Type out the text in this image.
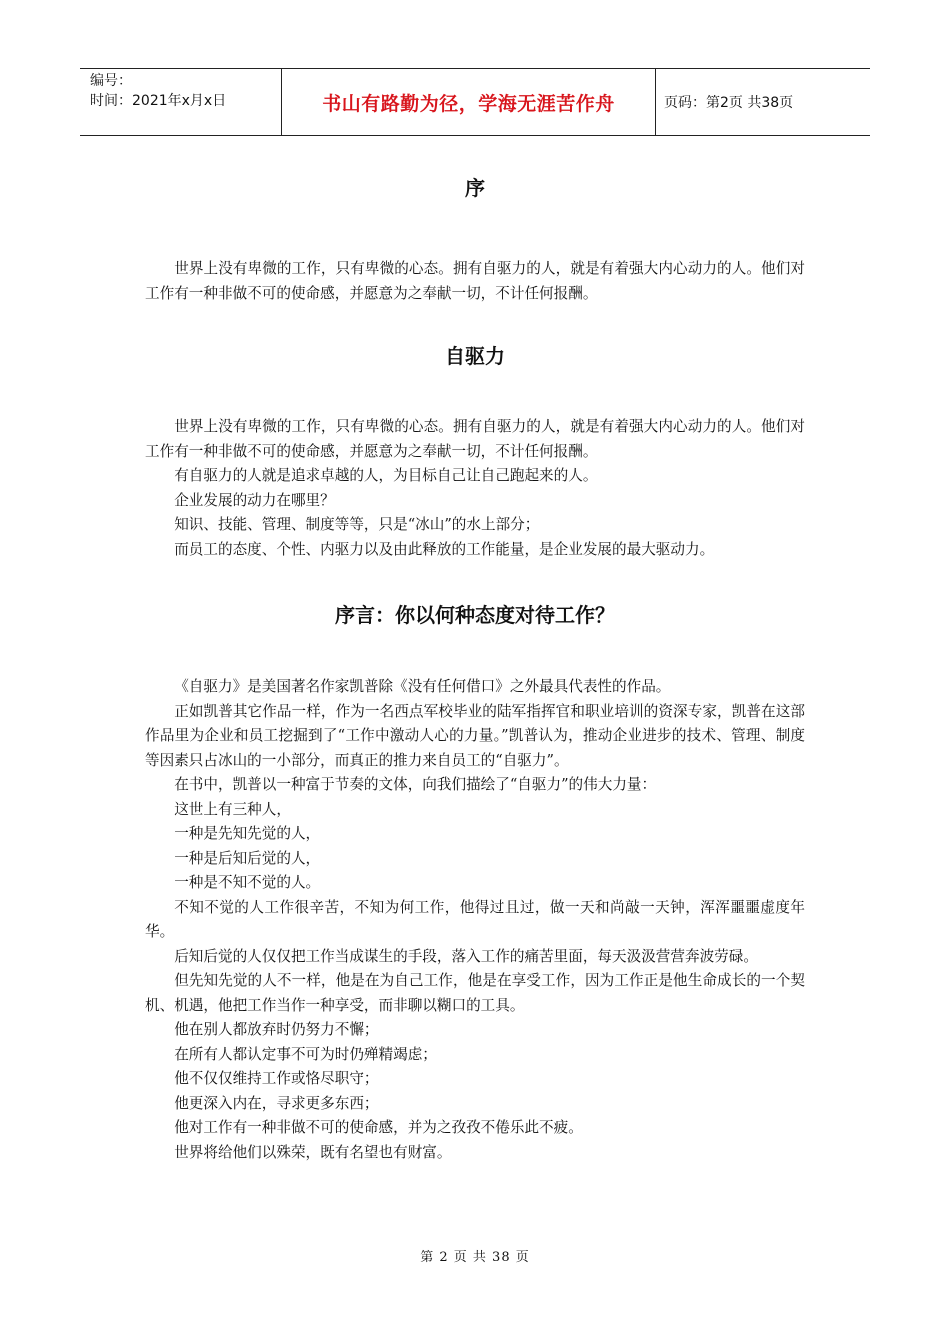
编号：
时间：2021年x月x日	书山有路勤为径，学海无涯苦作舟	页码：第2页 共38页
序

世界上没有卑微的工作，只有卑微的心态。拥有自驱力的人，就是有着强大内心动力的人。他们对工作有一种非做不可的使命感，并愿意为之奉献一切，不计任何报酬。

自驱力

世界上没有卑微的工作，只有卑微的心态。拥有自驱力的人，就是有着强大内心动力的人。他们对工作有一种非做不可的使命感，并愿意为之奉献一切，不计任何报酬。

有自驱力的人就是追求卓越的人，为目标自己让自己跑起来的人。

企业发展的动力在哪里？

知识、技能、管理、制度等等，只是“冰山”的水上部分；

而员工的态度、个性、内驱力以及由此释放的工作能量，是企业发展的最大驱动力。

序言：你以何种态度对待工作？

《自驱力》是美国著名作家凯普除《没有任何借口》之外最具代表性的作品。

正如凯普其它作品一样，作为一名西点军校毕业的陆军指挥官和职业培训的资深专家，凯普在这部作品里为企业和员工挖掘到了“工作中激动人心的力量。”凯普认为，推动企业进步的技术、管理、制度等因素只占冰山的一小部分，而真正的推力来自员工的“自驱力”。

在书中，凯普以一种富于节奏的文体，向我们描绘了“自驱力”的伟大力量：

这世上有三种人，

一种是先知先觉的人，

一种是后知后觉的人，

一种是不知不觉的人。

不知不觉的人工作很辛苦，不知为何工作，他得过且过，做一天和尚敲一天钟，浑浑噩噩虚度年华。

后知后觉的人仅仅把工作当成谋生的手段，落入工作的痛苦里面，每天汲汲营营奔波劳碌。

但先知先觉的人不一样，他是在为自己工作，他是在享受工作，因为工作正是他生命成长的一个契机、机遇，他把工作当作一种享受，而非聊以糊口的工具。

他在别人都放弃时仍努力不懈；

在所有人都认定事不可为时仍殚精竭虑；

他不仅仅维持工作或恪尽职守；

他更深入内在，寻求更多东西；

他对工作有一种非做不可的使命感，并为之孜孜不倦乐此不疲。

世界将给他们以殊荣，既有名望也有财富。

第 2 页 共 38 页
